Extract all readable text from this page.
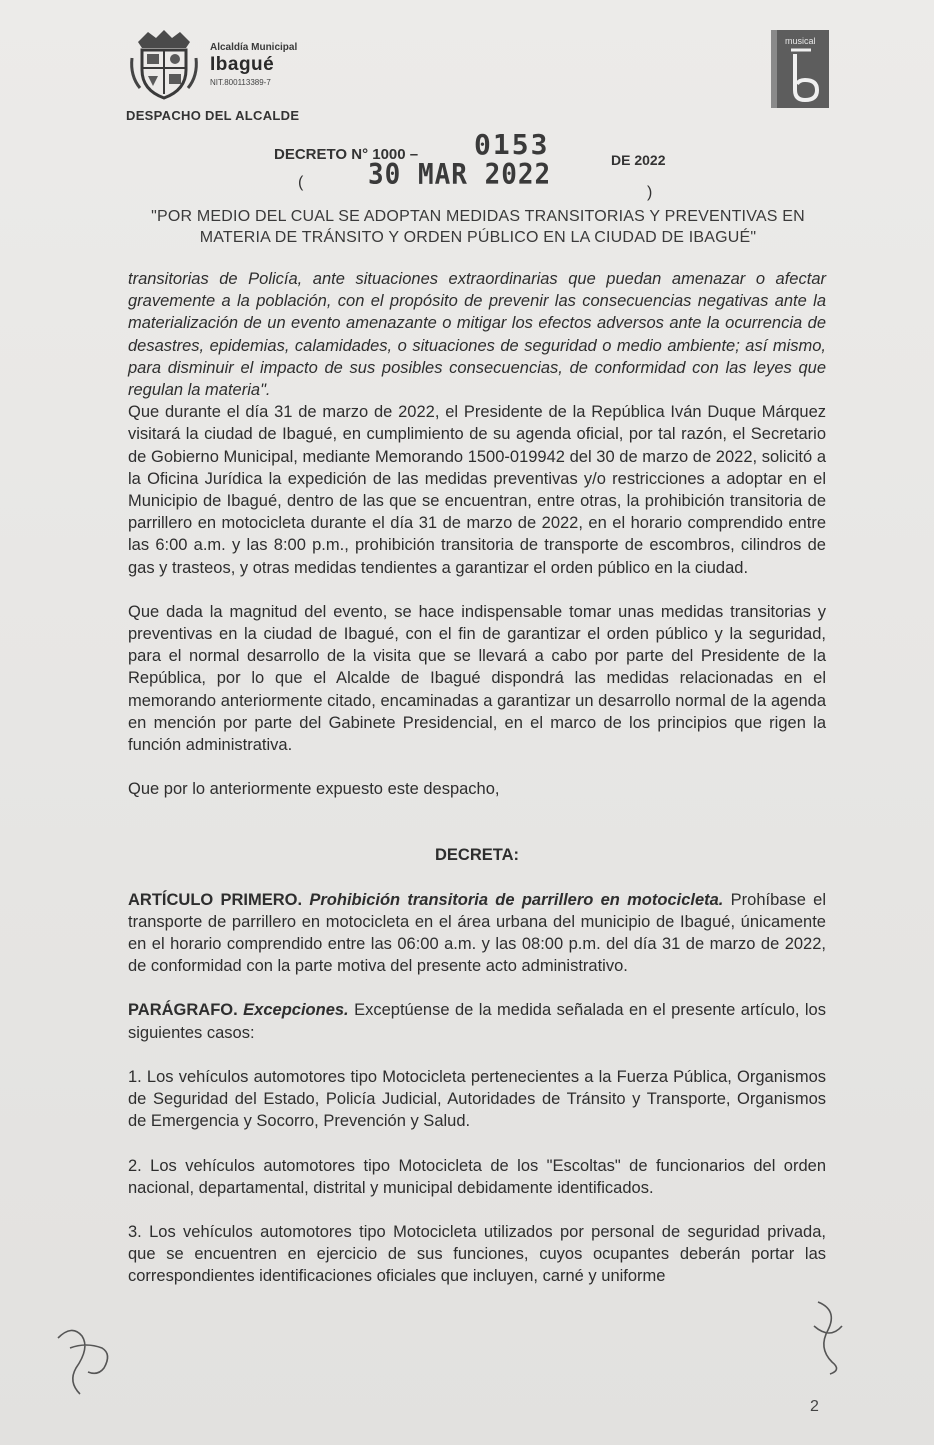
Alcaldía Municipal
Ibagué
NIT.800113389-7
DESPACHO DEL ALCALDE
musical
DECRETO N° 1000 – 0153	DE 2022
( 30 MAR 2022
)
"POR MEDIO DEL CUAL SE ADOPTAN MEDIDAS TRANSITORIAS Y PREVENTIVAS EN MATERIA DE TRÁNSITO Y ORDEN PÚBLICO EN LA CIUDAD DE IBAGUÉ"

transitorias de Policía, ante situaciones extraordinarias que puedan amenazar o afectar gravemente a la población, con el propósito de prevenir las consecuencias negativas ante la materialización de un evento amenazante o mitigar los efectos adversos ante la ocurrencia de desastres, epidemias, calamidades, o situaciones de seguridad o medio ambiente; así mismo, para disminuir el impacto de sus posibles consecuencias, de conformidad con las leyes que regulan la materia".

Que durante el día 31 de marzo de 2022, el Presidente de la República Iván Duque Márquez visitará la ciudad de Ibagué, en cumplimiento de su agenda oficial, por tal razón, el Secretario de Gobierno Municipal, mediante Memorando 1500-019942 del 30 de marzo de 2022, solicitó a la Oficina Jurídica la expedición de las medidas preventivas y/o restricciones a adoptar en el Municipio de Ibagué, dentro de las que se encuentran, entre otras, la prohibición transitoria de parrillero en motocicleta durante el día 31 de marzo de 2022, en el horario comprendido entre las 6:00 a.m. y las 8:00 p.m., prohibición transitoria de transporte de escombros, cilindros de gas y trasteos, y otras medidas tendientes a garantizar el orden público en la ciudad.

Que dada la magnitud del evento, se hace indispensable tomar unas medidas transitorias y preventivas en la ciudad de Ibagué, con el fin de garantizar el orden público y la seguridad, para el normal desarrollo de la visita que se llevará a cabo por parte del Presidente de la República, por lo que el Alcalde de Ibagué dispondrá las medidas relacionadas en el memorando anteriormente citado, encaminadas a garantizar un desarrollo normal de la agenda en mención por parte del Gabinete Presidencial, en el marco de los principios que rigen la función administrativa.

Que por lo anteriormente expuesto este despacho,

DECRETA:

ARTÍCULO PRIMERO. Prohibición transitoria de parrillero en motocicleta. Prohíbase el transporte de parrillero en motocicleta en el área urbana del municipio de Ibagué, únicamente en el horario comprendido entre las 06:00 a.m. y las 08:00 p.m. del día 31 de marzo de 2022, de conformidad con la parte motiva del presente acto administrativo.

PARÁGRAFO. Excepciones. Exceptúense de la medida señalada en el presente artículo, los siguientes casos:

1. Los vehículos automotores tipo Motocicleta pertenecientes a la Fuerza Pública, Organismos de Seguridad del Estado, Policía Judicial, Autoridades de Tránsito y Transporte, Organismos de Emergencia y Socorro, Prevención y Salud.

2. Los vehículos automotores tipo Motocicleta de los "Escoltas" de funcionarios del orden nacional, departamental, distrital y municipal debidamente identificados.

3. Los vehículos automotores tipo Motocicleta utilizados por personal de seguridad privada, que se encuentren en ejercicio de sus funciones, cuyos ocupantes deberán portar las correspondientes identificaciones oficiales que incluyen, carné y uniforme

2
